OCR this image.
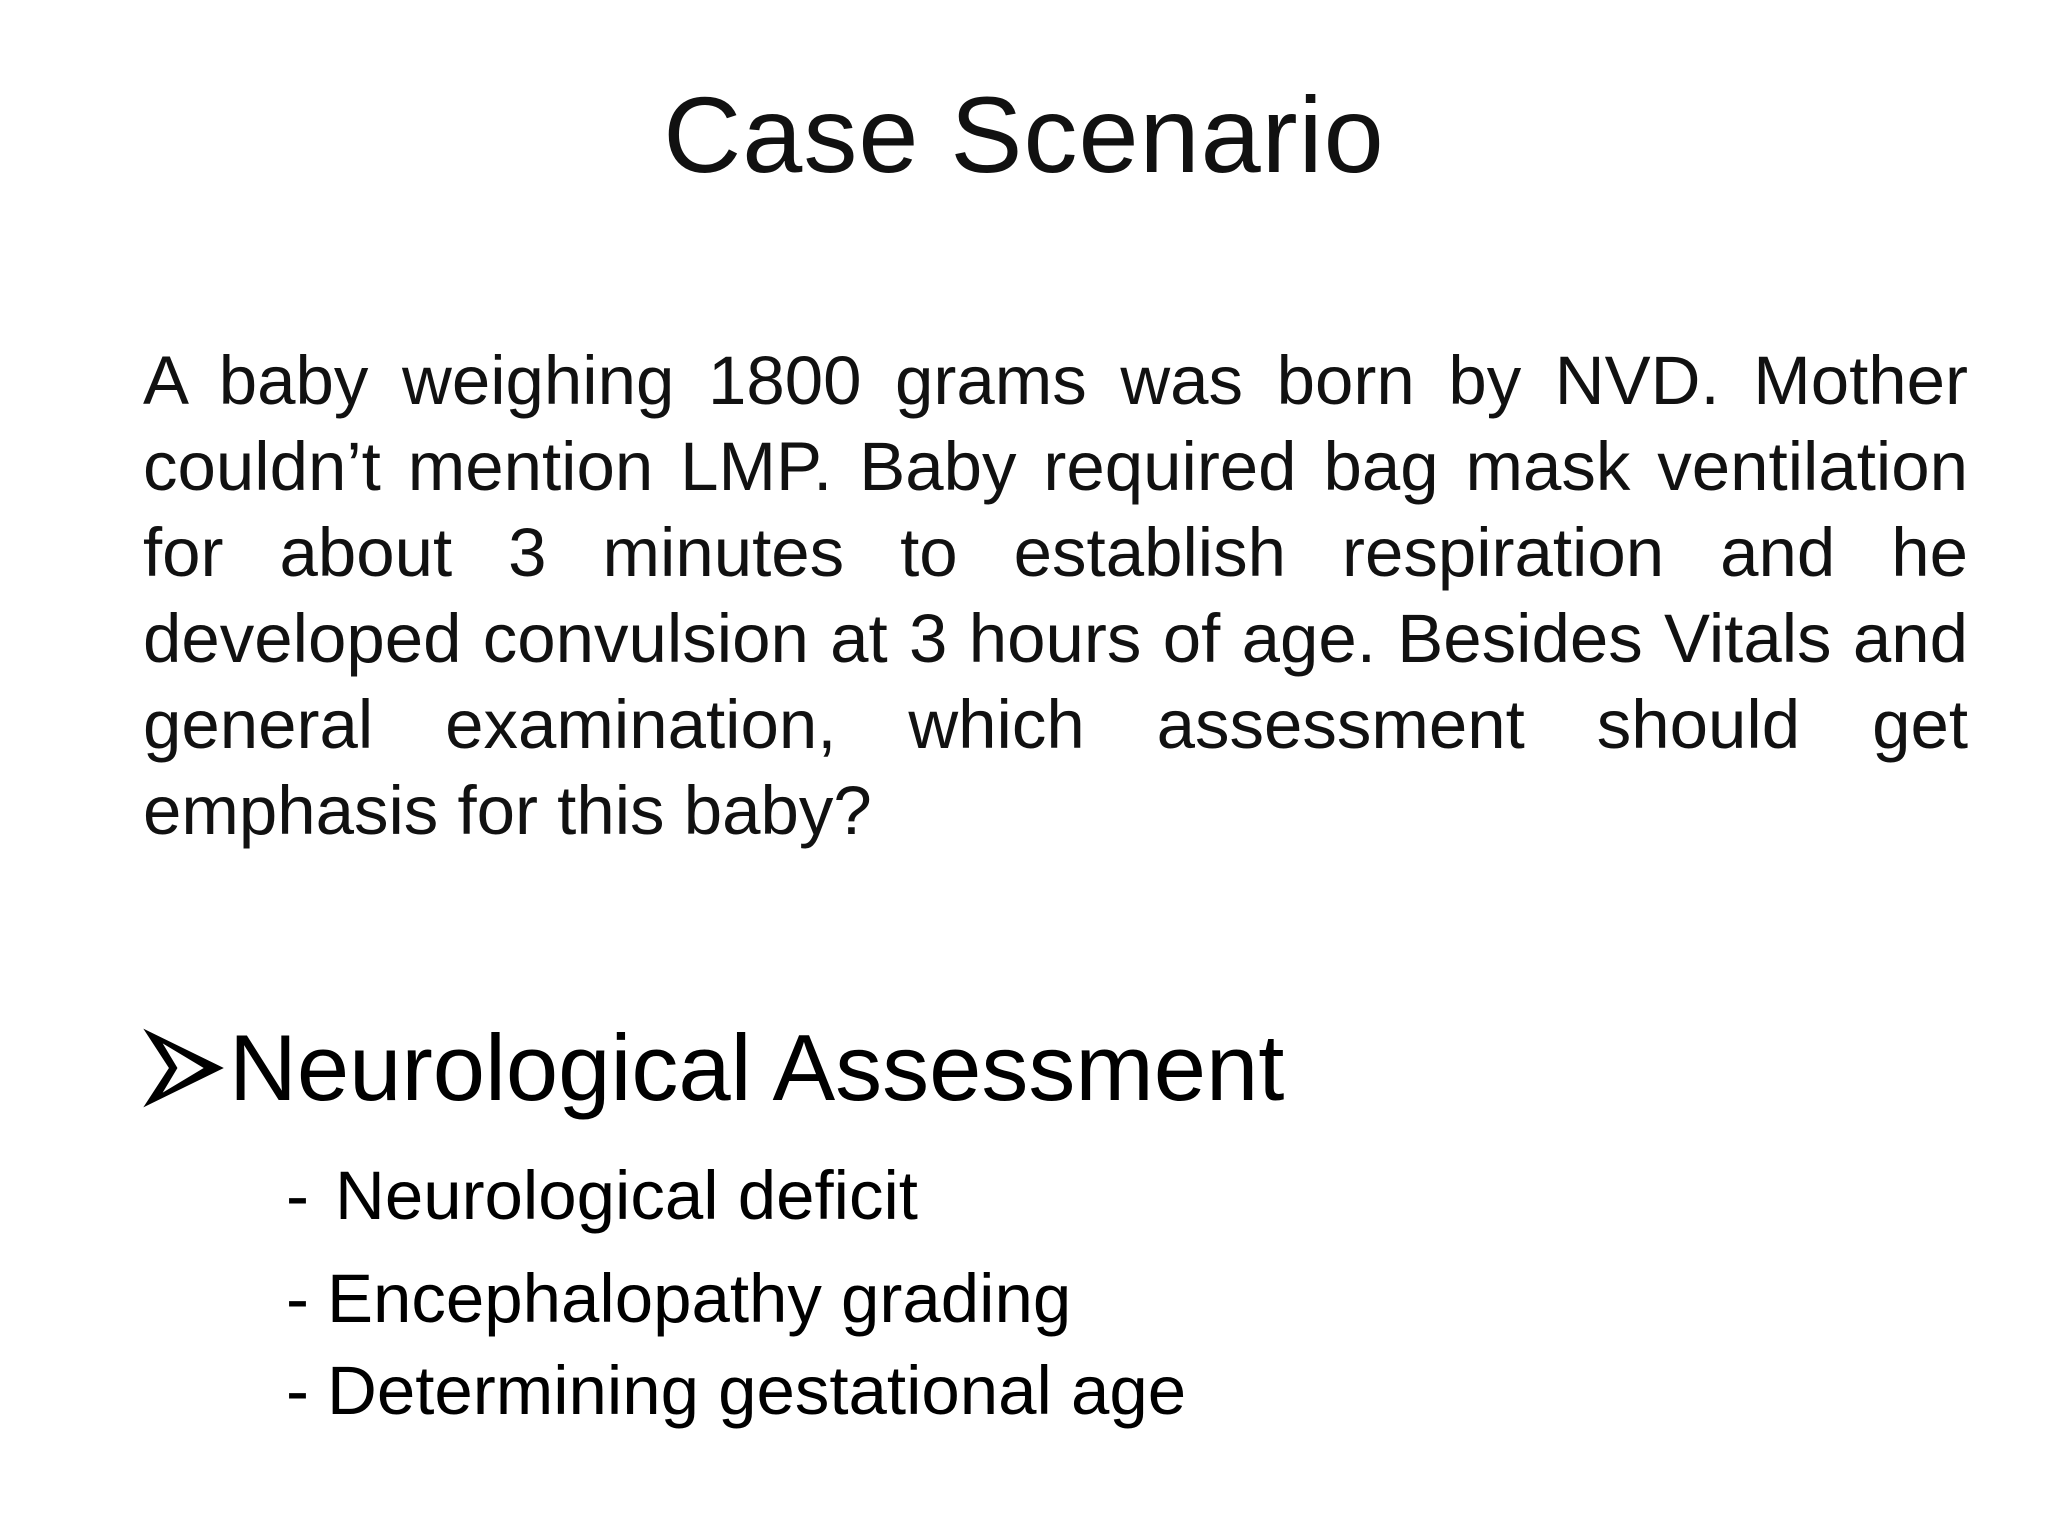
Case Scenario
A baby weighing 1800 grams was born by NVD. Mother couldn’t mention LMP. Baby required bag mask ventilation for about 3 minutes to establish respiration and he developed convulsion at 3 hours of age. Besides Vitals and general examination, which assessment should get emphasis for this baby?
Neurological Assessment
- Neurological deficit
- Encephalopathy grading
- Determining gestational age
